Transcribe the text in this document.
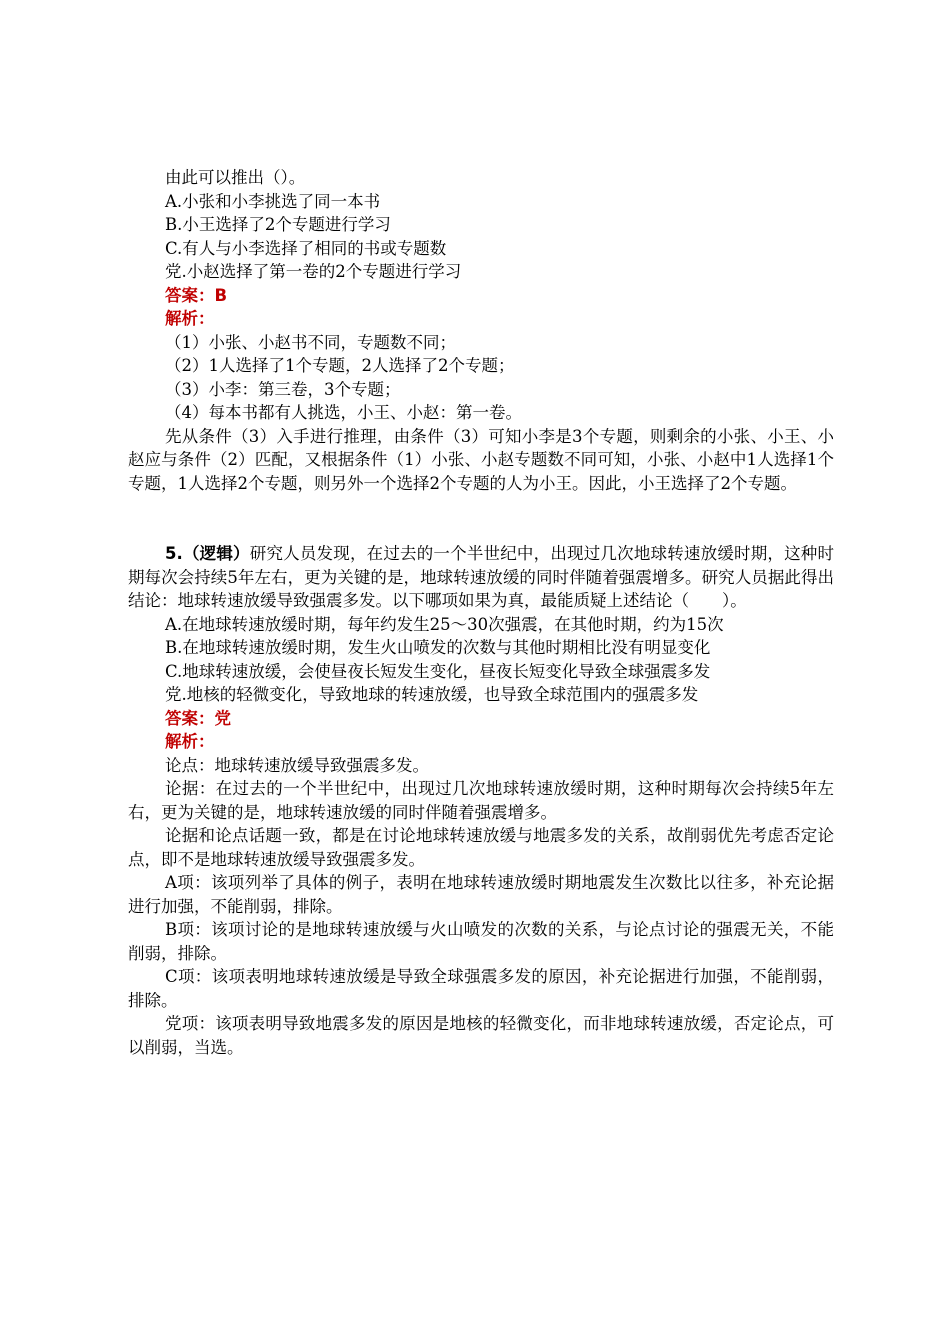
由此可以推出（）。

A.小张和小李挑选了同一本书

B.小王选择了2个专题进行学习

C.有人与小李选择了相同的书或专题数

党.小赵选择了第一卷的2个专题进行学习

答案：B

解析：

（1）小张、小赵书不同，专题数不同；

（2）1人选择了1个专题，2人选择了2个专题；

（3）小李：第三卷，3个专题；

（4）每本书都有人挑选，小王、小赵：第一卷。

先从条件（3）入手进行推理，由条件（3）可知小李是3个专题，则剩余的小张、小王、小赵应与条件（2）匹配，又根据条件（1）小张、小赵专题数不同可知，小张、小赵中1人选择1个专题，1人选择2个专题，则另外一个选择2个专题的人为小王。因此，小王选择了2个专题。

5.（逻辑）研究人员发现，在过去的一个半世纪中，出现过几次地球转速放缓时期，这种时期每次会持续5年左右，更为关键的是，地球转速放缓的同时伴随着强震增多。研究人员据此得出结论：地球转速放缓导致强震多发。以下哪项如果为真，最能质疑上述结论（　　）。

A.在地球转速放缓时期，每年约发生25～30次强震，在其他时期，约为15次

B.在地球转速放缓时期，发生火山喷发的次数与其他时期相比没有明显变化

C.地球转速放缓，会使昼夜长短发生变化，昼夜长短变化导致全球强震多发

党.地核的轻微变化，导致地球的转速放缓，也导致全球范围内的强震多发

答案：党

解析：

论点：地球转速放缓导致强震多发。

论据：在过去的一个半世纪中，出现过几次地球转速放缓时期，这种时期每次会持续5年左右，更为关键的是，地球转速放缓的同时伴随着强震增多。

论据和论点话题一致，都是在讨论地球转速放缓与地震多发的关系，故削弱优先考虑否定论点，即不是地球转速放缓导致强震多发。

A项：该项列举了具体的例子，表明在地球转速放缓时期地震发生次数比以往多，补充论据进行加强，不能削弱，排除。

B项：该项讨论的是地球转速放缓与火山喷发的次数的关系，与论点讨论的强震无关，不能削弱，排除。

C项：该项表明地球转速放缓是导致全球强震多发的原因，补充论据进行加强，不能削弱，排除。

党项：该项表明导致地震多发的原因是地核的轻微变化，而非地球转速放缓，否定论点，可以削弱，当选。
